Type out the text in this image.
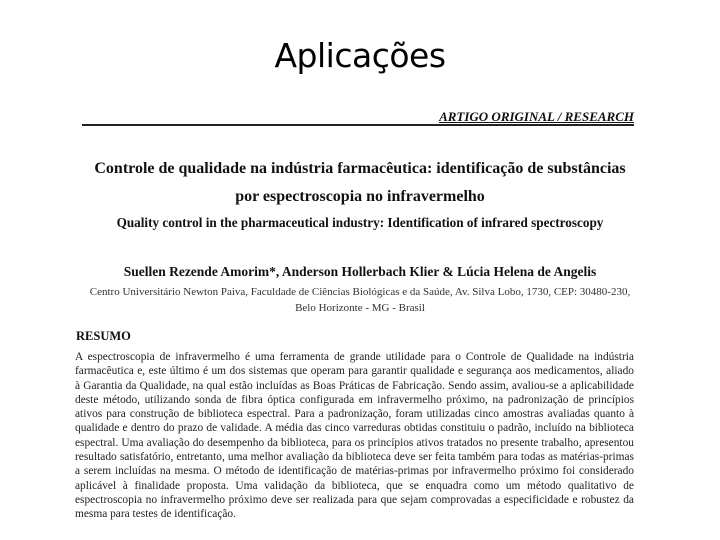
Aplicações
ARTIGO ORIGINAL / RESEARCH
Controle de qualidade na indústria farmacêutica: identificação de substâncias
por espectroscopia no infravermelho
Quality control in the pharmaceutical industry: Identification of infrared spectroscopy
Suellen Rezende Amorim*, Anderson Hollerbach Klier & Lúcia Helena de Angelis
Centro Universitário Newton Paiva, Faculdade de Ciências Biológicas e da Saúde, Av. Silva Lobo, 1730, CEP: 30480-230, Belo Horizonte - MG - Brasil
RESUMO
A espectroscopia de infravermelho é uma ferramenta de grande utilidade para o Controle de Qualidade na indústria
farmacêutica e, este último é um dos sistemas que operam para garantir qualidade e segurança aos medicamentos, aliado
à Garantia da Qualidade, na qual estão incluídas as Boas Práticas de Fabricação. Sendo assim, avaliou-se a aplicabilidade
deste método, utilizando sonda de fibra óptica configurada em infravermelho próximo, na padronização de princípios
ativos para construção de biblioteca espectral. Para a padronização, foram utilizadas cinco amostras avaliadas quanto à
qualidade e dentro do prazo de validade. A média das cinco varreduras obtidas constituiu o padrão, incluído na biblioteca
espectral. Uma avaliação do desempenho da biblioteca, para os princípios ativos tratados no presente trabalho, apresentou
resultado satisfatório, entretanto, uma melhor avaliação da biblioteca deve ser feita também para todas as matérias-primas
a serem incluídas na mesma. O método de identificação de matérias-primas por infravermelho próximo foi considerado
aplicável à finalidade proposta. Uma validação da biblioteca, que se enquadra como um método qualitativo de
espectroscopia no infravermelho próximo deve ser realizada para que sejam comprovadas a especificidade e robustez da
mesma para testes de identificação.
